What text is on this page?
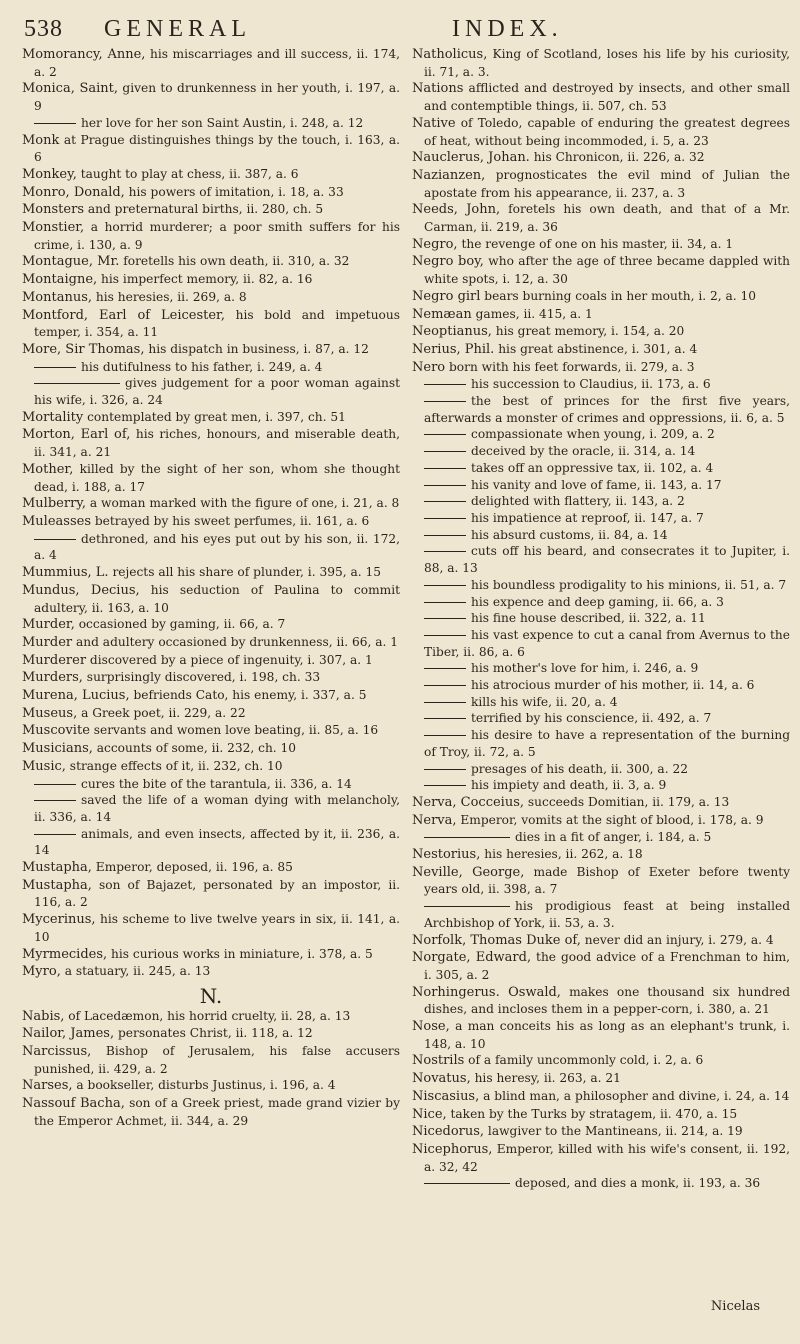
538 GENERAL	INDEX.

Momorancy, Anne, his miscarriages and ill success, ii. 174, a. 2

Monica, Saint, given to drunkenness in her youth, i. 197, a. 9

her love for her son Saint Austin, i. 248, a. 12

Monk at Prague distinguishes things by the touch, i. 163, a. 6

Monkey, taught to play at chess, ii. 387, a. 6

Monro, Donald, his powers of imitation, i. 18, a. 33

Monsters and preternatural births, ii. 280, ch. 5

Monstier, a horrid murderer; a poor smith suffers for his crime, i. 130, a. 9

Montague, Mr. foretells his own death, ii. 310, a. 32

Montaigne, his imperfect memory, ii. 82, a. 16

Montanus, his heresies, ii. 269, a. 8

Montford, Earl of Leicester, his bold and impetuous temper, i. 354, a. 11

More, Sir Thomas, his dispatch in business, i. 87, a. 12

his dutifulness to his father, i. 249, a. 4

gives judgement for a poor woman against his wife, i. 326, a. 24

Mortality contemplated by great men, i. 397, ch. 51

Morton, Earl of, his riches, honours, and miserable death, ii. 341, a. 21

Mother, killed by the sight of her son, whom she thought dead, i. 188, a. 17

Mulberry, a woman marked with the figure of one, i. 21, a. 8

Muleasses betrayed by his sweet perfumes, ii. 161, a. 6

dethroned, and his eyes put out by his son, ii. 172, a. 4

Mummius, L. rejects all his share of plunder, i. 395, a. 15

Mundus, Decius, his seduction of Paulina to commit adultery, ii. 163, a. 10

Murder, occasioned by gaming, ii. 66, a. 7

Murder and adultery occasioned by drunkenness, ii. 66, a. 1

Murderer discovered by a piece of ingenuity, i. 307, a. 1

Murders, surprisingly discovered, i. 198, ch. 33

Murena, Lucius, befriends Cato, his enemy, i. 337, a. 5

Museus, a Greek poet, ii. 229, a. 22

Muscovite servants and women love beating, ii. 85, a. 16

Musicians, accounts of some, ii. 232, ch. 10

Music, strange effects of it, ii. 232, ch. 10

cures the bite of the tarantula, ii. 336, a. 14

saved the life of a woman dying with melancholy, ii. 336, a. 14

animals, and even insects, affected by it, ii. 236, a. 14

Mustapha, Emperor, deposed, ii. 196, a. 85

Mustapha, son of Bajazet, personated by an impostor, ii. 116, a. 2

Mycerinus, his scheme to live twelve years in six, ii. 141, a. 10

Myrmecides, his curious works in miniature, i. 378, a. 5

Myro, a statuary, ii. 245, a. 13

N.

Nabis, of Lacedæmon, his horrid cruelty, ii. 28, a. 13

Nailor, James, personates Christ, ii. 118, a. 12

Narcissus, Bishop of Jerusalem, his false accusers punished, ii. 429, a. 2

Narses, a bookseller, disturbs Justinus, i. 196, a. 4

Nassouf Bacha, son of a Greek priest, made grand vizier by the Emperor Achmet, ii. 344, a. 29

Natholicus, King of Scotland, loses his life by his curiosity, ii. 71, a. 3.

Nations afflicted and destroyed by insects, and other small and contemptible things, ii. 507, ch. 53

Native of Toledo, capable of enduring the greatest degrees of heat, without being incommoded, i. 5, a. 23

Nauclerus, Johan. his Chronicon, ii. 226, a. 32

Nazianzen, prognosticates the evil mind of Julian the apostate from his appearance, ii. 237, a. 3

Needs, John, foretels his own death, and that of a Mr. Carman, ii. 219, a. 36

Negro, the revenge of one on his master, ii. 34, a. 1

Negro boy, who after the age of three became dappled with white spots, i. 12, a. 30

Negro girl bears burning coals in her mouth, i. 2, a. 10

Nemæan games, ii. 415, a. 1

Neoptianus, his great memory, i. 154, a. 20

Nerius, Phil. his great abstinence, i. 301, a. 4

Nero born with his feet forwards, ii. 279, a. 3

his succession to Claudius, ii. 173, a. 6

the best of princes for the first five years, afterwards a monster of crimes and oppressions, ii. 6, a. 5

compassionate when young, i. 209, a. 2

deceived by the oracle, ii. 314, a. 14

takes off an oppressive tax, ii. 102, a. 4

his vanity and love of fame, ii. 143, a. 17

delighted with flattery, ii. 143, a. 2

his impatience at reproof, ii. 147, a. 7

his absurd customs, ii. 84, a. 14

cuts off his beard, and consecrates it to Jupiter, i. 88, a. 13

his boundless prodigality to his minions, ii. 51, a. 7

his expence and deep gaming, ii. 66, a. 3

his fine house described, ii. 322, a. 11

his vast expence to cut a canal from Avernus to the Tiber, ii. 86, a. 6

his mother's love for him, i. 246, a. 9

his atrocious murder of his mother, ii. 14, a. 6

kills his wife, ii. 20, a. 4

terrified by his conscience, ii. 492, a. 7

his desire to have a representation of the burning of Troy, ii. 72, a. 5

presages of his death, ii. 300, a. 22

his impiety and death, ii. 3, a. 9

Nerva, Cocceius, succeeds Domitian, ii. 179, a. 13

Nerva, Emperor, vomits at the sight of blood, i. 178, a. 9

dies in a fit of anger, i. 184, a. 5

Nestorius, his heresies, ii. 262, a. 18

Neville, George, made Bishop of Exeter before twenty years old, ii. 398, a. 7

his prodigious feast at being installed Archbishop of York, ii. 53, a. 3.

Norfolk, Thomas Duke of, never did an injury, i. 279, a. 4

Norgate, Edward, the good advice of a Frenchman to him, i. 305, a. 2

Norhingerus. Oswald, makes one thousand six hundred dishes, and incloses them in a pepper-corn, i. 380, a. 21

Nose, a man conceits his as long as an elephant's trunk, i. 148, a. 10

Nostrils of a family uncommonly cold, i. 2, a. 6

Novatus, his heresy, ii. 263, a. 21

Niscasius, a blind man, a philosopher and divine, i. 24, a. 14

Nice, taken by the Turks by stratagem, ii. 470, a. 15

Nicedorus, lawgiver to the Mantineans, ii. 214, a. 19

Nicephorus, Emperor, killed with his wife's consent, ii. 192, a. 32, 42

deposed, and dies a monk, ii. 193, a. 36

Nicelas
